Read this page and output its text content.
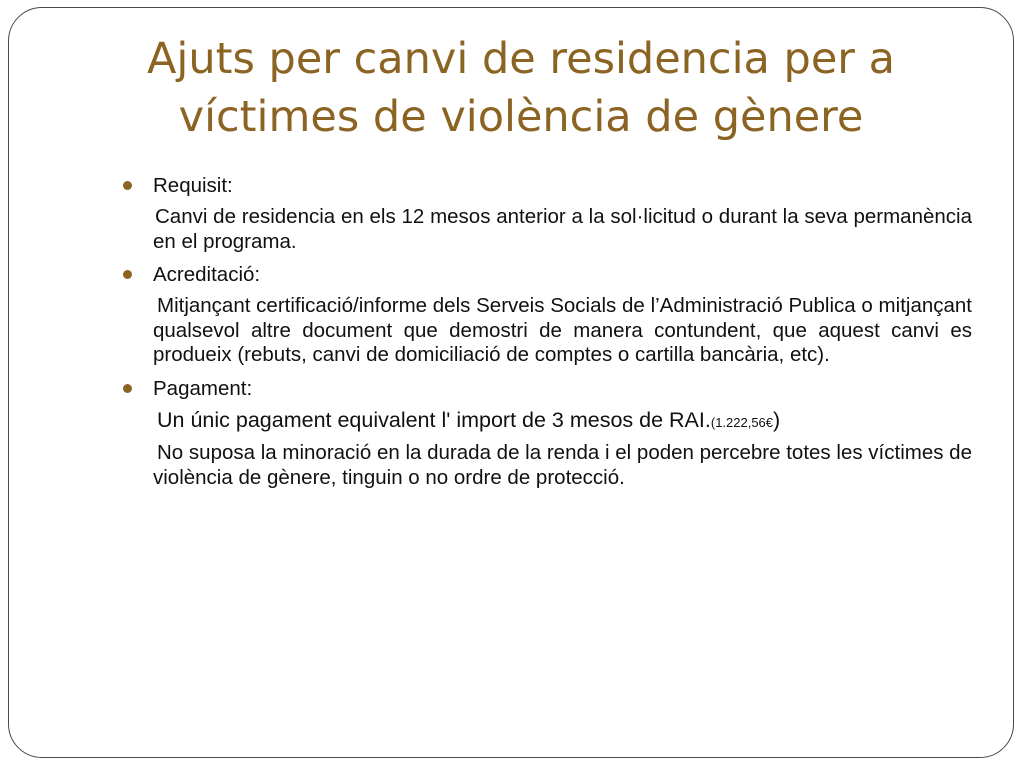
Ajuts per canvi de residencia per a
víctimes de violència de gènere
Requisit:
Canvi de residencia en els 12 mesos anterior a la sol·licitud o durant la seva permanència en el programa.
Acreditació:
Mitjançant certificació/informe dels Serveis Socials de l’Administració Publica o mitjançant qualsevol altre document que demostri de manera contundent, que aquest canvi es produeix (rebuts, canvi de domiciliació de comptes o cartilla bancària, etc).
Pagament:
Un únic pagament equivalent l' import de 3 mesos de RAI.(1.222,56€)
No suposa la minoració en la durada de la renda i el poden percebre totes les víctimes de violència de gènere, tinguin o no ordre de protecció.
